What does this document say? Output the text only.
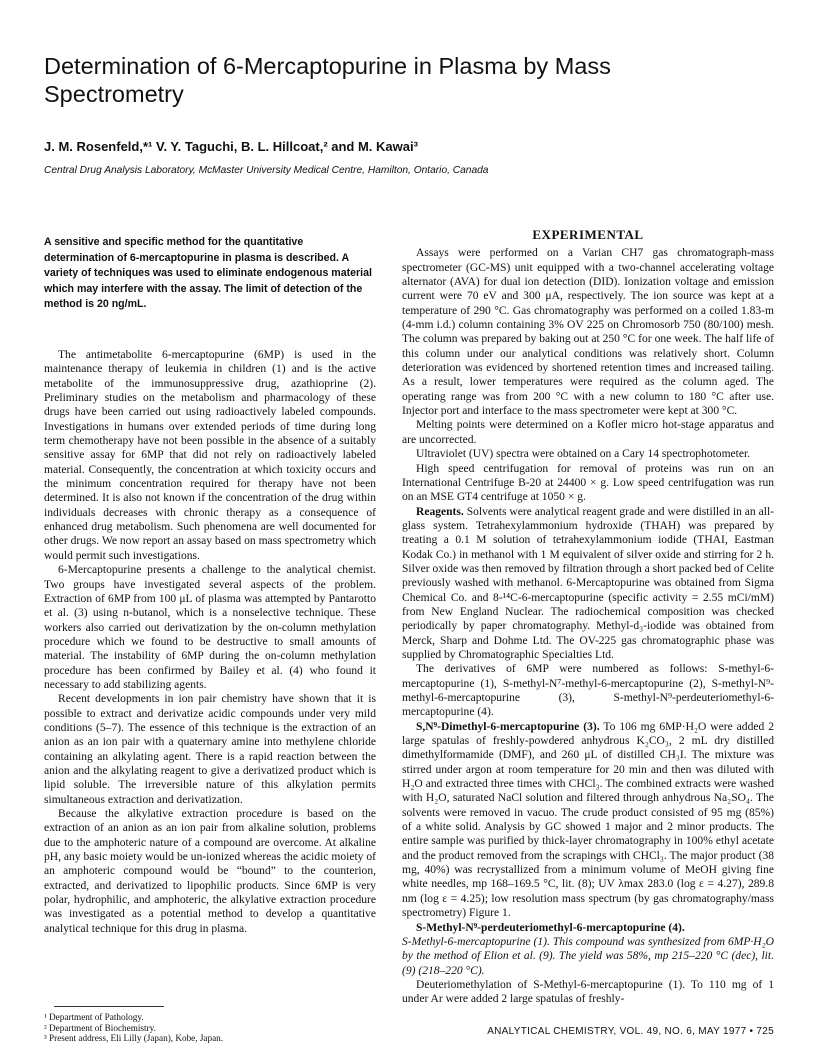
Determination of 6-Mercaptopurine in Plasma by Mass Spectrometry
J. M. Rosenfeld,*¹ V. Y. Taguchi, B. L. Hillcoat,² and M. Kawai³
Central Drug Analysis Laboratory, McMaster University Medical Centre, Hamilton, Ontario, Canada

A sensitive and specific method for the quantitative determination of 6-mercaptopurine in plasma is described. A variety of techniques was used to eliminate endogenous material which may interfere with the assay. The limit of detection of the method is 20 ng/mL.

The antimetabolite 6-mercaptopurine (6MP) is used in the maintenance therapy of leukemia in children (1) and is the active metabolite of the immunosuppressive drug, azathioprine (2). Preliminary studies on the metabolism and pharmacology of these drugs have been carried out using radioactively labeled compounds. Investigations in humans over extended periods of time during long term chemotherapy have not been possible in the absence of a suitably sensitive assay for 6MP that did not rely on radioactively labeled material. Consequently, the concentration at which toxicity occurs and the minimum concentration required for therapy have not been determined. It is also not known if the concentration of the drug within individuals decreases with chronic therapy as a consequence of enhanced drug metabolism. Such phenomena are well documented for other drugs. We now report an assay based on mass spectrometry which would permit such investigations.

6-Mercaptopurine presents a challenge to the analytical chemist. Two groups have investigated several aspects of the problem. Extraction of 6MP from 100 μL of plasma was attempted by Pantarotto et al. (3) using n-butanol, which is a nonselective technique. These workers also carried out derivatization by the on-column methylation procedure which we found to be destructive to small amounts of material. The instability of 6MP during the on-column methylation procedure has been confirmed by Bailey et al. (4) who found it necessary to add stabilizing agents.

Recent developments in ion pair chemistry have shown that it is possible to extract and derivatize acidic compounds under very mild conditions (5–7). The essence of this technique is the extraction of an anion as an ion pair with a quaternary amine into methylene chloride containing an alkylating agent. There is a rapid reaction between the anion and the alkylating reagent to give a derivatized product which is lipid soluble. The irreversible nature of this alkylation permits simultaneous extraction and derivatization.

Because the alkylative extraction procedure is based on the extraction of an anion as an ion pair from alkaline solution, problems due to the amphoteric nature of a compound are overcome. At alkaline pH, any basic moiety would be un-ionized whereas the acidic moiety of an amphoteric compound would be “bound” to the counterion, extracted, and derivatized to lipophilic products. Since 6MP is very polar, hydrophilic, and amphoteric, the alkylative extraction procedure was investigated as a potential method to develop a quantitative analytical technique for this drug in plasma.

EXPERIMENTAL

Assays were performed on a Varian CH7 gas chromatograph-mass spectrometer (GC-MS) unit equipped with a two-channel accelerating voltage alternator (AVA) for dual ion detection (DID). Ionization voltage and emission current were 70 eV and 300 μA, respectively. The ion source was kept at a temperature of 290 °C. Gas chromatography was performed on a coiled 1.83-m (4-mm i.d.) column containing 3% OV 225 on Chromosorb 750 (80/100) mesh. The column was prepared by baking out at 250 °C for one week. The half life of this column under our analytical conditions was relatively short. Column deterioration was evidenced by shortened retention times and increased tailing. As a result, lower temperatures were required as the column aged. The operating range was from 200 °C with a new column to 180 °C after use. Injector port and interface to the mass spectrometer were kept at 300 °C.

Melting points were determined on a Kofler micro hot-stage apparatus and are uncorrected.

Ultraviolet (UV) spectra were obtained on a Cary 14 spectrophotometer.

High speed centrifugation for removal of proteins was run on an International Centrifuge B-20 at 24400 × g. Low speed centrifugation was run on an MSE GT4 centrifuge at 1050 × g.

Reagents. Solvents were analytical reagent grade and were distilled in an all-glass system. Tetrahexylammonium hydroxide (THAH) was prepared by treating a 0.1 M solution of tetrahexylammonium iodide (THAI, Eastman Kodak Co.) in methanol with 1 M equivalent of silver oxide and stirring for 2 h. Silver oxide was then removed by filtration through a short packed bed of Celite previously washed with methanol. 6-Mercaptopurine was obtained from Sigma Chemical Co. and 8-¹⁴C-6-mercaptopurine (specific activity = 2.55 mCi/mM) from New England Nuclear. The radiochemical composition was checked periodically by paper chromatography. Methyl-d₃-iodide was obtained from Merck, Sharp and Dohme Ltd. The OV-225 gas chromatographic phase was supplied by Chromatographic Specialties Ltd.

The derivatives of 6MP were numbered as follows: S-methyl-6-mercaptopurine (1), S-methyl-N⁷-methyl-6-mercaptopurine (2), S-methyl-N⁹-methyl-6-mercaptopurine (3), S-methyl-N⁹-perdeuteriomethyl-6-mercaptopurine (4).

S,N⁹-Dimethyl-6-mercaptopurine (3). To 106 mg 6MP·H₂O were added 2 large spatulas of freshly-powdered anhydrous K₂CO₃, 2 mL dry distilled dimethylformamide (DMF), and 260 μL of distilled CH₃I. The mixture was stirred under argon at room temperature for 20 min and then was diluted with H₂O and extracted three times with CHCl₃. The combined extracts were washed with H₂O, saturated NaCl solution and filtered through anhydrous Na₂SO₄. The solvents were removed in vacuo. The crude product consisted of 95 mg (85%) of a white solid. Analysis by GC showed 1 major and 2 minor products. The entire sample was purified by thick-layer chromatography in 100% ethyl acetate and the product removed from the scrapings with CHCl₃. The major product (38 mg, 40%) was recrystallized from a minimum volume of MeOH giving fine white needles, mp 168–169.5 °C, lit. (8); UV λmax 283.0 (log ε = 4.27), 289.8 nm (log ε = 4.25); low resolution mass spectrum (by gas chromatography/mass spectrometry) Figure 1.

S-Methyl-N⁹-perdeuteriomethyl-6-mercaptopurine (4).

S-Methyl-6-mercaptopurine (1). This compound was synthesized from 6MP·H₂O by the method of Elion et al. (9). The yield was 58%, mp 215–220 °C (dec), lit. (9) (218–220 °C).

Deuteriomethylation of S-Methyl-6-mercaptopurine (1). To 110 mg of 1 under Ar were added 2 large spatulas of freshly-

¹ Department of Pathology.
² Department of Biochemistry.
³ Present address, Eli Lilly (Japan), Kobe, Japan.
ANALYTICAL CHEMISTRY, VOL. 49, NO. 6, MAY 1977 • 725
